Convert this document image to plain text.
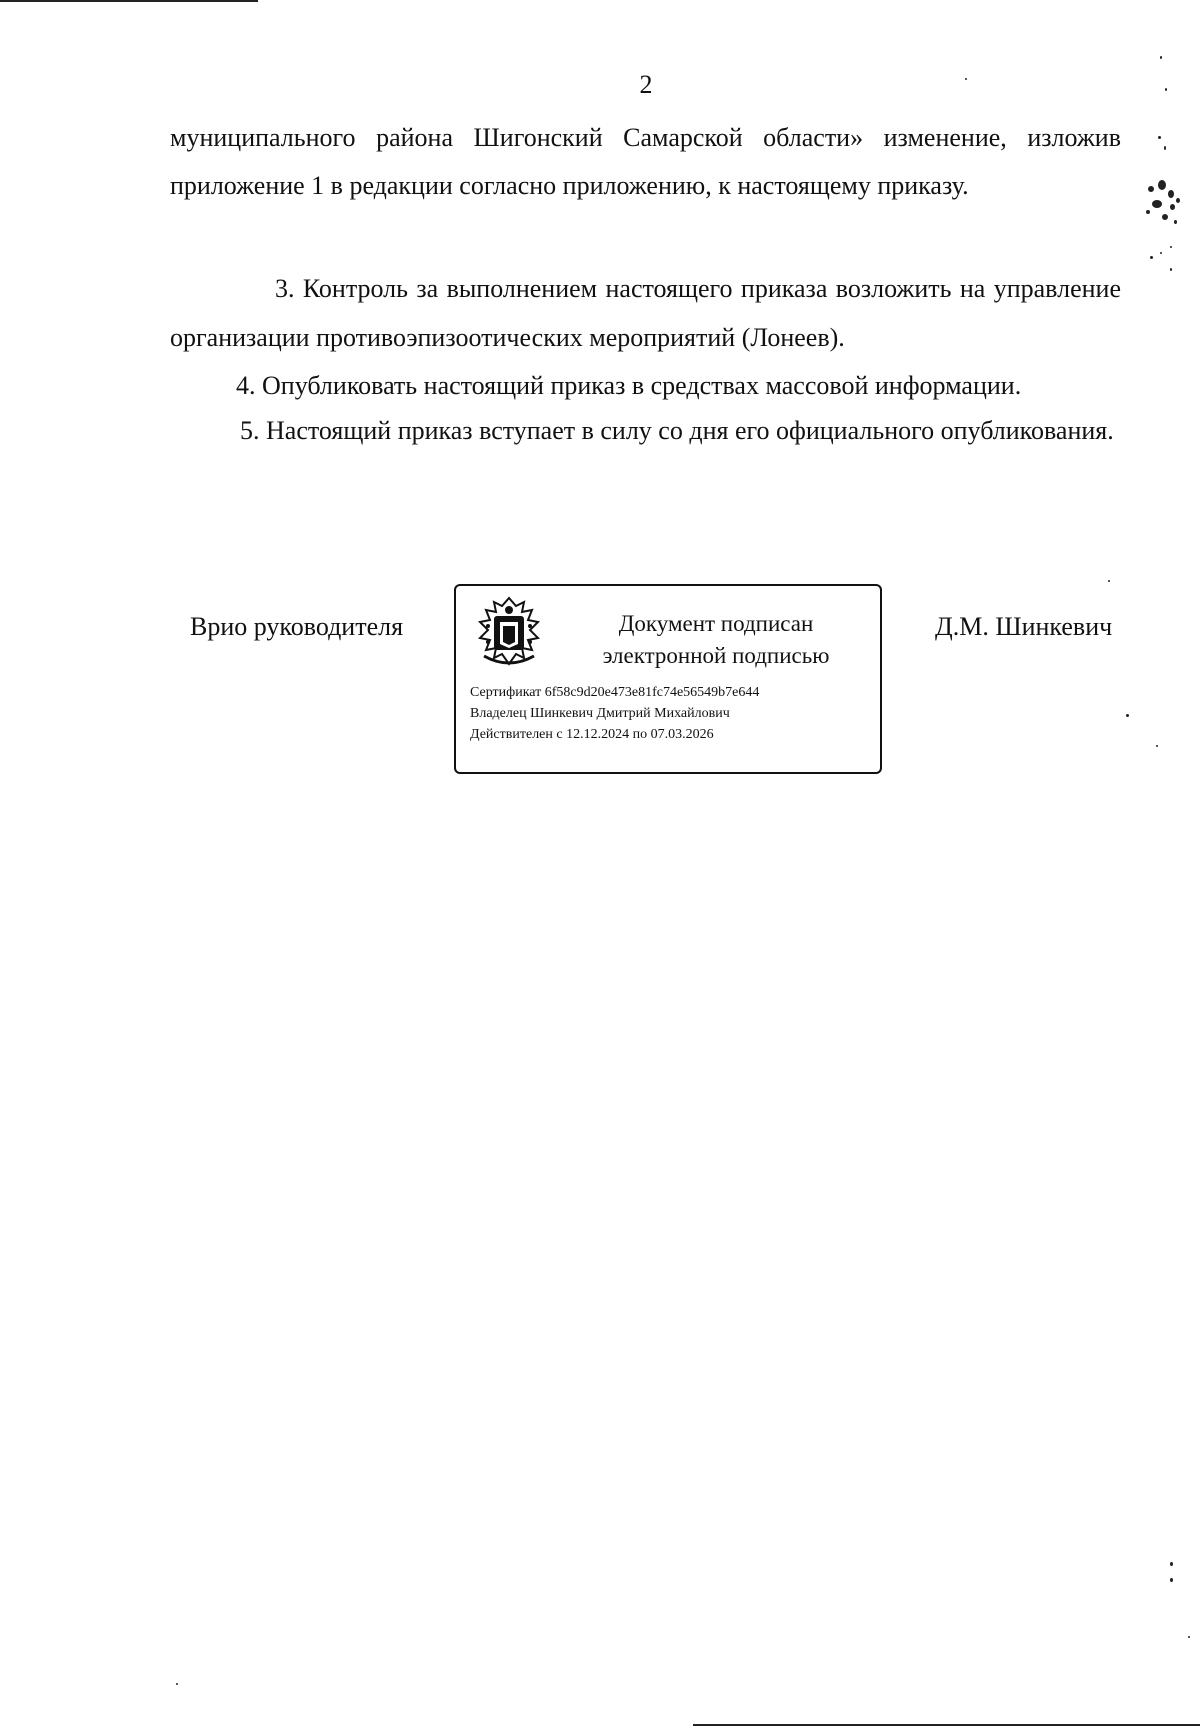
2

муниципального района Шигонский Самарской области» изменение, изложив приложение 1 в редакции согласно приложению, к настоящему приказу.

3. Контроль за выполнением настоящего приказа возложить на управление организации противоэпизоотических мероприятий (Лонеев).

4. Опубликовать настоящий приказ в средствах массовой информации.

5. Настоящий приказ вступает в силу со дня его официального опубликования.

Врио руководителя	Документ подписан
электронной подписью
Сертификат 6f58c9d20e473e81fc74e56549b7e644
Владелец Шинкевич Дмитрий Михайлович
Действителен с 12.12.2024 по 07.03.2026
Д.М. Шинкевич
